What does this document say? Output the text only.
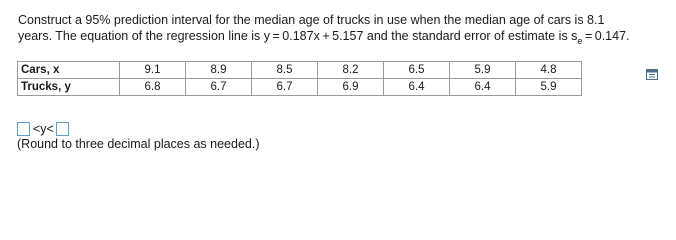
Construct a 95% prediction interval for the median age of trucks in use when the median age of cars is 8.1
years. The equation of the regression line is y = 0.187x + 5.157 and the standard error of estimate is $s_e = 0.147$.
Cars, x	9.1	8.9	8.5	8.2	6.5	5.9	4.8
Trucks, y	6.8	6.7	6.7	6.9	6.4	6.4	5.9
<y<
(Round to three decimal places as needed.)
